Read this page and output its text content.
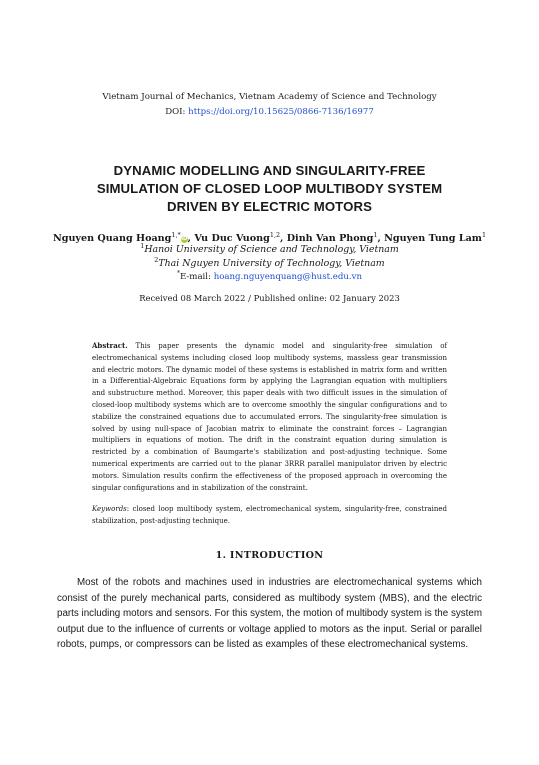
Vietnam Journal of Mechanics, Vietnam Academy of Science and Technology
DOI: https://doi.org/10.15625/0866-7136/16977
DYNAMIC MODELLING AND SINGULARITY-FREE
SIMULATION OF CLOSED LOOP MULTIBODY SYSTEM
DRIVEN BY ELECTRIC MOTORS
Nguyen Quang Hoang$^{1,*}$iD, Vu Duc Vuong$^{1,2}$, Dinh Van Phong$^1$, Nguyen Tung Lam$^1$
$^1$Hanoi University of Science and Technology, Vietnam
$^2$Thai Nguyen University of Technology, Vietnam
*E-mail: hoang.nguyenquang@hust.edu.vn
Received 08 March 2022 / Published online: 02 January 2023
Abstract. This paper presents the dynamic model and singularity-free simulation of electromechanical systems including closed loop multibody systems, massless gear transmission and electric motors. The dynamic model of these systems is established in matrix form and written in a Differential-Algebraic Equations form by applying the Lagrangian equation with multipliers and substructure method. Moreover, this paper deals with two difficult issues in the simulation of closed-loop multibody systems which are to overcome smoothly the singular configurations and to stabilize the constrained equations due to accumulated errors. The singularity-free simulation is solved by using null-space of Jacobian matrix to eliminate the constraint forces – Lagrangian multipliers in equations of motion. The drift in the constraint equation during simulation is restricted by a combination of Baumgarte's stabilization and post-adjusting technique. Some numerical experiments are carried out to the planar 3RRR parallel manipulator driven by electric motors. Simulation results confirm the effectiveness of the proposed approach in overcoming the singular configurations and in stabilization of the constraint.
Keywords: closed loop multibody system, electromechanical system, singularity-free, constrained stabilization, post-adjusting technique.
1. INTRODUCTION
Most of the robots and machines used in industries are electromechanical systems which consist of the purely mechanical parts, considered as multibody system (MBS), and the electric parts including motors and sensors. For this system, the motion of multibody system is the system output due to the influence of currents or voltage applied to motors as the input. Serial or parallel robots, pumps, or compressors can be listed as examples of these electromechanical systems.
